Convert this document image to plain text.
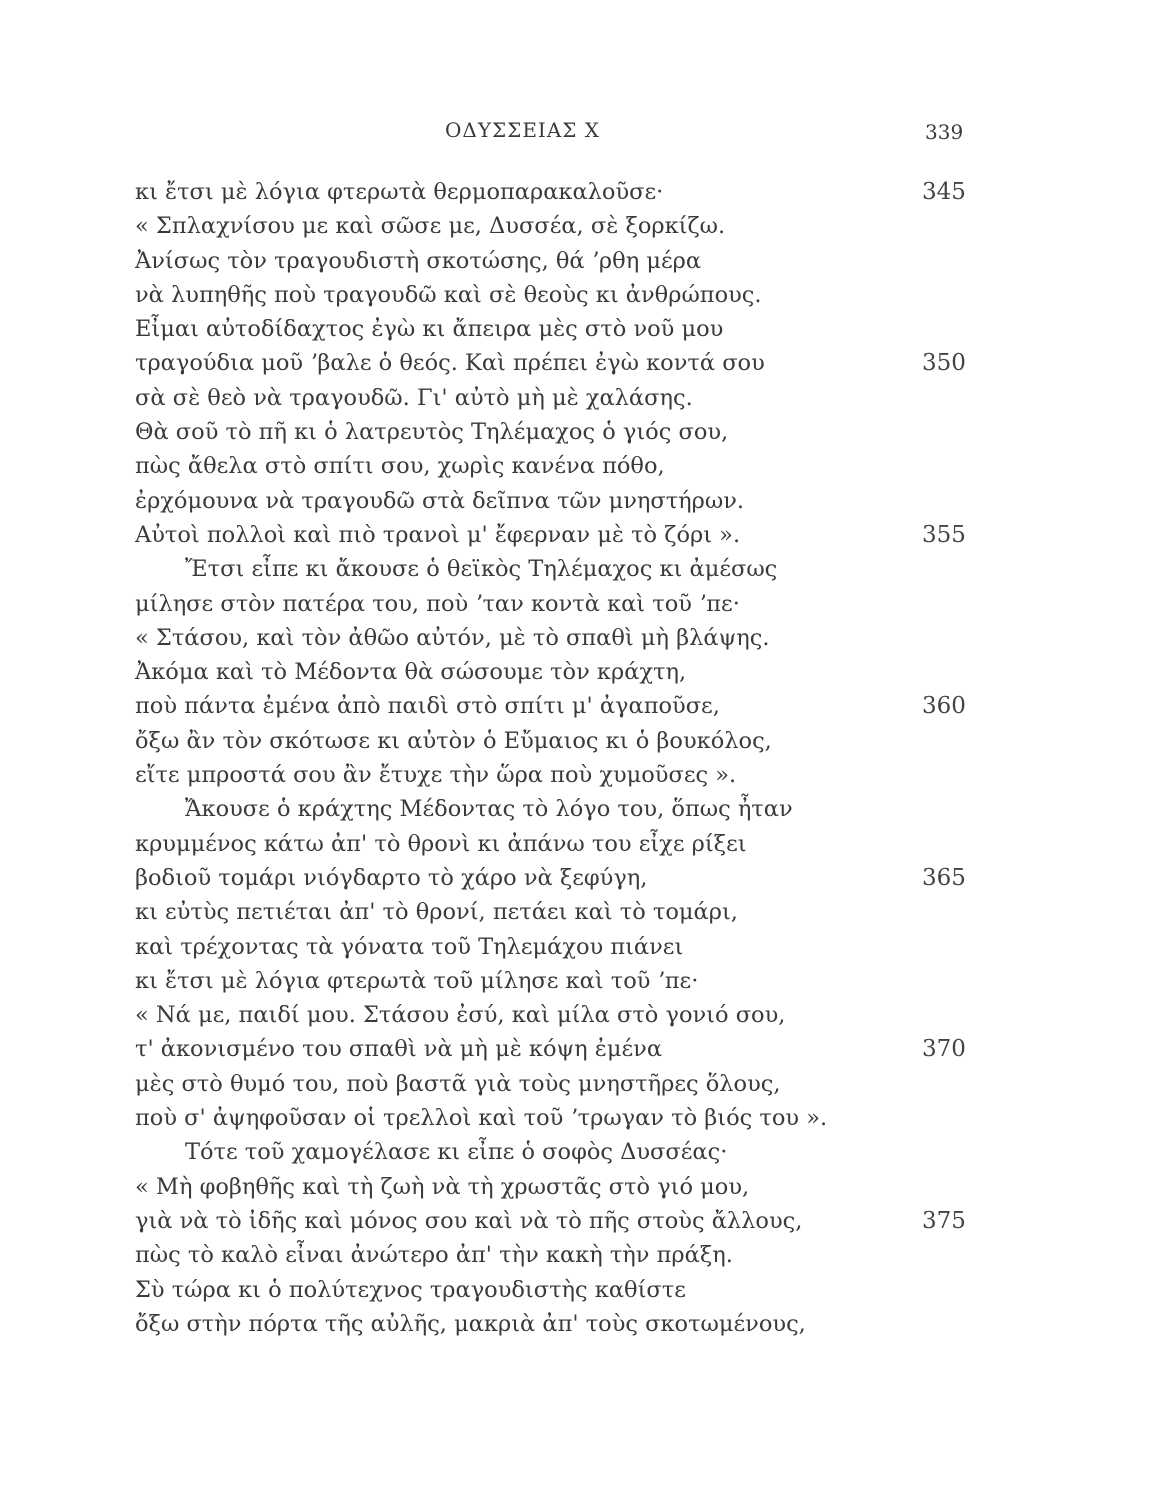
ΟΔΥΣΣΕΙΑΣ Χ	339
κι ἔτσι μὲ λόγια φτερωτὰ θερμοπαρακαλοῦσε·	345
« Σπλαχνίσου με καὶ σῶσε με, Δυσσέα, σὲ ξορκίζω.
Ἀνίσως τὸν τραγουδιστὴ σκοτώσης, θά ʼρθη μέρα
νὰ λυπηθῆς ποὺ τραγουδῶ καὶ σὲ θεοὺς κι ἀνθρώπους.
Εἶμαι αὐτοδίδαχτος ἐγὼ κι ἄπειρα μὲς στὸ νοῦ μου
τραγούδια μοῦ ʼβαλε ὁ θεός. Καὶ πρέπει ἐγὼ κοντά σου	350
σὰ σὲ θεὸ νὰ τραγουδῶ. Γι' αὐτὸ μὴ μὲ χαλάσης.
Θὰ σοῦ τὸ πῆ κι ὁ λατρευτὸς Τηλέμαχος ὁ γιός σου,
πὼς ἄθελα στὸ σπίτι σου, χωρὶς κανένα πόθο,
ἐρχόμουνα νὰ τραγουδῶ στὰ δεῖπνα τῶν μνηστήρων.
Αὐτοὶ πολλοὶ καὶ πιὸ τρανοὶ μ' ἔφερναν μὲ τὸ ζόρι ».	355
Ἔτσι εἶπε κι ἄκουσε ὁ θεϊκὸς Τηλέμαχος κι ἀμέσως
μίλησε στὸν πατέρα του, ποὺ ʼταν κοντὰ καὶ τοῦ ʼπε·
« Στάσου, καὶ τὸν ἀθῶο αὐτόν, μὲ τὸ σπαθὶ μὴ βλάψης.
Ἀκόμα καὶ τὸ Μέδοντα θὰ σώσουμε τὸν κράχτη,
ποὺ πάντα ἐμένα ἀπὸ παιδὶ στὸ σπίτι μ' ἀγαποῦσε,	360
ὄξω ἂν τὸν σκότωσε κι αὐτὸν ὁ Εὔμαιος κι ὁ βουκόλος,
εἴτε μπροστά σου ἂν ἔτυχε τὴν ὥρα ποὺ χυμοῦσες ».
Ἄκουσε ὁ κράχτης Μέδοντας τὸ λόγο του, ὅπως ἦταν
κρυμμένος κάτω ἀπ' τὸ θρονὶ κι ἀπάνω του εἶχε ρίξει
βοδιοῦ τομάρι νιόγδαρτο τὸ χάρο νὰ ξεφύγη,	365
κι εὐτὺς πετιέται ἀπ' τὸ θρονί, πετάει καὶ τὸ τομάρι,
καὶ τρέχοντας τὰ γόνατα τοῦ Τηλεμάχου πιάνει
κι ἔτσι μὲ λόγια φτερωτὰ τοῦ μίλησε καὶ τοῦ ʼπε·
« Νά με, παιδί μου. Στάσου ἐσύ, καὶ μίλα στὸ γονιό σου,
τ' ἀκονισμένο του σπαθὶ νὰ μὴ μὲ κόψη ἐμένα	370
μὲς στὸ θυμό του, ποὺ βαστᾶ γιὰ τοὺς μνηστῆρες ὅλους,
ποὺ σ' ἀψηφοῦσαν οἱ τρελλοὶ καὶ τοῦ ʼτρωγαν τὸ βιός του ».
Τότε τοῦ χαμογέλασε κι εἶπε ὁ σοφὸς Δυσσέας·
« Μὴ φοβηθῆς καὶ τὴ ζωὴ νὰ τὴ χρωστᾶς στὸ γιό μου,
γιὰ νὰ τὸ ἰδῆς καὶ μόνος σου καὶ νὰ τὸ πῆς στοὺς ἄλλους,	375
πὼς τὸ καλὸ εἶναι ἀνώτερο ἀπ' τὴν κακὴ τὴν πράξη.
Σὺ τώρα κι ὁ πολύτεχνος τραγουδιστὴς καθίστε
ὄξω στὴν πόρτα τῆς αὐλῆς, μακριὰ ἀπ' τοὺς σκοτωμένους,
